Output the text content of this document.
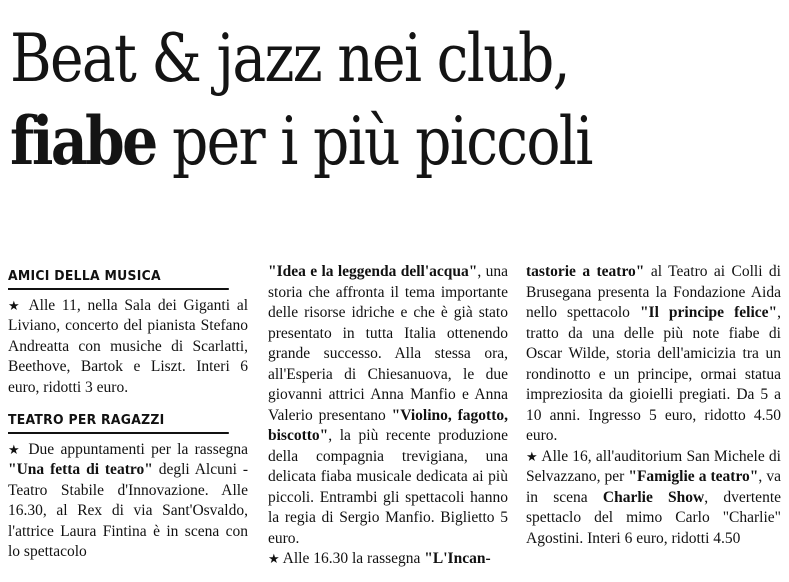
Beat & jazz nei club,
fiabe per i più piccoli
AMICI DELLA MUSICA

★ Alle 11, nella Sala dei Giganti al Liviano, concerto del pianista Stefano Andreatta con musiche di Scarlatti, Beethove, Bartok e Liszt. Interi 6 euro, ridotti 3 euro.

TEATRO PER RAGAZZI

★ Due appuntamenti per la rassegna "Una fetta di teatro" degli Alcuni - Teatro Stabile d'Innovazione. Alle 16.30, al Rex di via Sant'Osvaldo, l'attrice Laura Fintina è in scena con lo spettacolo

"Idea e la leggenda dell'acqua", una storia che affronta il tema importante delle risorse idriche e che è già stato presentato in tutta Italia ottenendo grande successo. Alla stessa ora, all'Esperia di Chiesanuova, le due giovanni attrici Anna Manfio e Anna Valerio presentano "Violino, fagotto, biscotto", la più recente produzione della compagnia trevigiana, una delicata fiaba musicale dedicata ai più piccoli. Entrambi gli spettacoli hanno la regia di Sergio Manfio. Biglietto 5 euro.
★ Alle 16.30 la rassegna "L'Incan-

tastorie a teatro" al Teatro ai Colli di Brusegana presenta la Fondazione Aida nello spettacolo "Il principe felice", tratto da una delle più note fiabe di Oscar Wilde, storia dell'amicizia tra un rondinotto e un principe, ormai statua impreziosita da gioielli pregiati. Da 5 a 10 anni. Ingresso 5 euro, ridotto 4.50 euro.
★ Alle 16, all'auditorium San Michele di Selvazzano, per "Famiglie a teatro", va in scena Charlie Show, dvertente spettaclo del mimo Carlo "Charlie" Agostini. Interi 6 euro, ridotti 4.50
